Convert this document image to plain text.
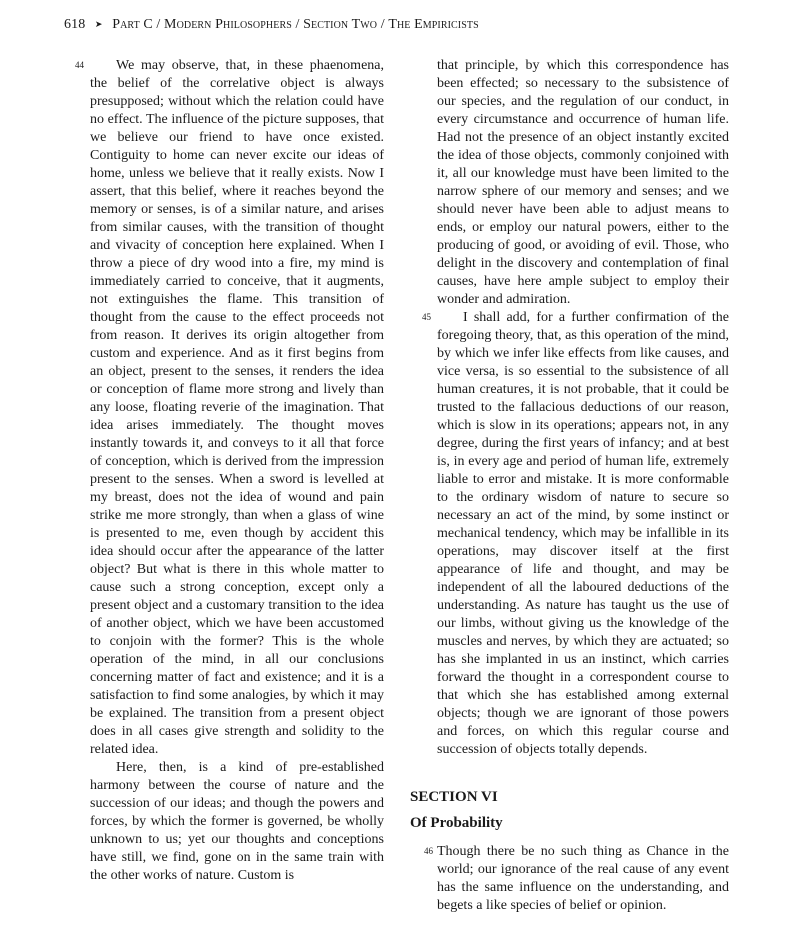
618 ➤ Part C / Modern Philosophers / Section Two / The Empiricists
44	We may observe, that, in these phaenomena, the belief of the correlative object is always presupposed; without which the relation could have no effect. The influence of the picture supposes, that we believe our friend to have once existed. Contiguity to home can never excite our ideas of home, unless we believe that it really exists. Now I assert, that this belief, where it reaches beyond the memory or senses, is of a similar nature, and arises from similar causes, with the transition of thought and vivacity of conception here explained. When I throw a piece of dry wood into a fire, my mind is immediately carried to conceive, that it augments, not extinguishes the flame. This transition of thought from the cause to the effect proceeds not from reason. It derives its origin altogether from custom and experience. And as it first begins from an object, present to the senses, it renders the idea or conception of flame more strong and lively than any loose, floating reverie of the imagination. That idea arises immediately. The thought moves instantly towards it, and conveys to it all that force of conception, which is derived from the impression present to the senses. When a sword is levelled at my breast, does not the idea of wound and pain strike me more strongly, than when a glass of wine is presented to me, even though by accident this idea should occur after the appearance of the latter object? But what is there in this whole matter to cause such a strong conception, except only a present object and a customary transition to the idea of another object, which we have been accustomed to conjoin with the former? This is the whole operation of the mind, in all our conclusions concerning matter of fact and existence; and it is a satisfaction to find some analogies, by which it may be explained. The transition from a present object does in all cases give strength and solidity to the related idea.

Here, then, is a kind of pre-established harmony between the course of nature and the succession of our ideas; and though the powers and forces, by which the former is governed, be wholly unknown to us; yet our thoughts and conceptions have still, we find, gone on in the same train with the other works of nature. Custom is

that principle, by which this correspondence has been effected; so necessary to the subsistence of our species, and the regulation of our conduct, in every circumstance and occurrence of human life. Had not the presence of an object instantly excited the idea of those objects, commonly conjoined with it, all our knowledge must have been limited to the narrow sphere of our memory and senses; and we should never have been able to adjust means to ends, or employ our natural powers, either to the producing of good, or avoiding of evil. Those, who delight in the discovery and contemplation of final causes, have here ample subject to employ their wonder and admiration.

45	I shall add, for a further confirmation of the foregoing theory, that, as this operation of the mind, by which we infer like effects from like causes, and vice versa, is so essential to the subsistence of all human creatures, it is not probable, that it could be trusted to the fallacious deductions of our reason, which is slow in its operations; appears not, in any degree, during the first years of infancy; and at best is, in every age and period of human life, extremely liable to error and mistake. It is more conformable to the ordinary wisdom of nature to secure so necessary an act of the mind, by some instinct or mechanical tendency, which may be infallible in its operations, may discover itself at the first appearance of life and thought, and may be independent of all the laboured deductions of the understanding. As nature has taught us the use of our limbs, without giving us the knowledge of the muscles and nerves, by which they are actuated; so has she implanted in us an instinct, which carries forward the thought in a correspondent course to that which she has established among external objects; though we are ignorant of those powers and forces, on which this regular course and succession of objects totally depends.

SECTION VI
Of Probability
46 Though there be no such thing as Chance in the world; our ignorance of the real cause of any event has the same influence on the understanding, and begets a like species of belief or opinion.
